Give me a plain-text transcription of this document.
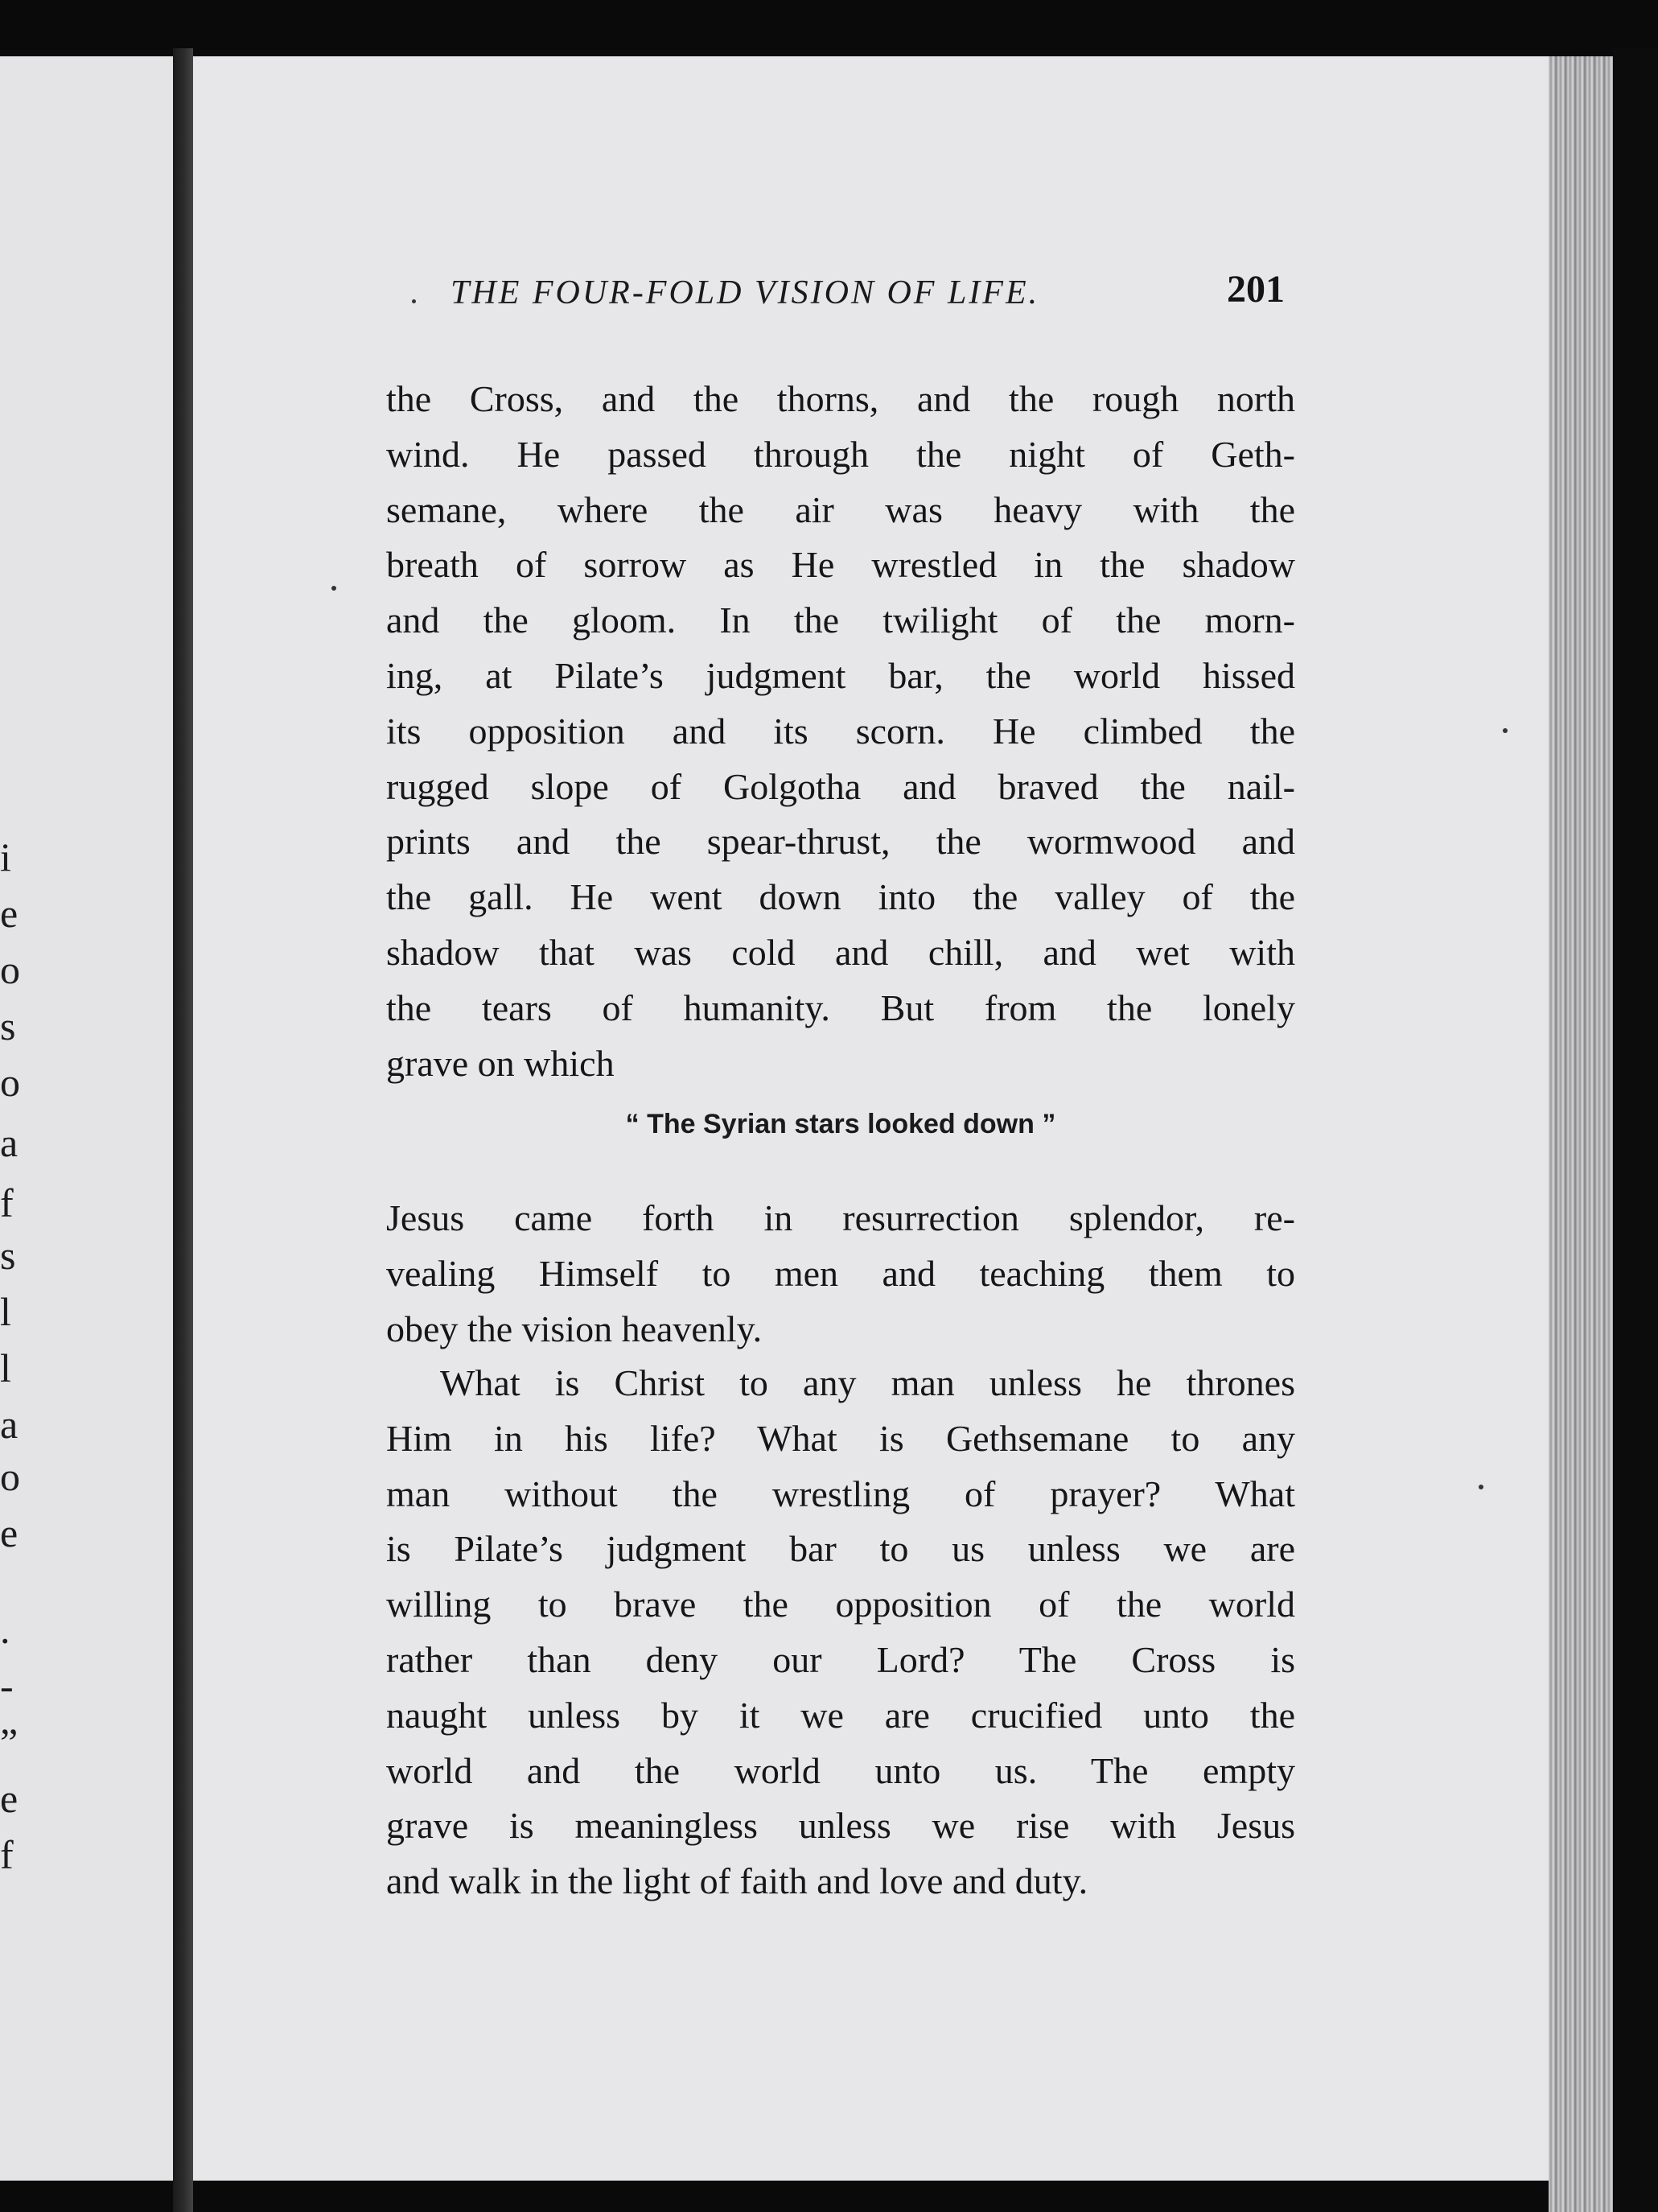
i
e
o
s
o
a
f
s
l
l
a
o
e
.
-
”
e
f
THE FOUR-FOLD VISION OF LIFE.	201
the Cross, and the thorns, and the rough north
wind. He passed through the night of Geth-
semane, where the air was heavy with the
breath of sorrow as He wrestled in the shadow
and the gloom. In the twilight of the morn-
ing, at Pilate’s judgment bar, the world hissed
its opposition and its scorn. He climbed the
rugged slope of Golgotha and braved the nail-
prints and the spear-thrust, the wormwood and
the gall. He went down into the valley of the
shadow that was cold and chill, and wet with
the tears of humanity. But from the lonely
grave on which
“ The Syrian stars looked down ”
Jesus came forth in resurrection splendor, re-
vealing Himself to men and teaching them to
obey the vision heavenly.
What is Christ to any man unless he thrones
Him in his life? What is Gethsemane to any
man without the wrestling of prayer? What
is Pilate’s judgment bar to us unless we are
willing to brave the opposition of the world
rather than deny our Lord? The Cross is
naught unless by it we are crucified unto the
world and the world unto us. The empty
grave is meaningless unless we rise with Jesus
and walk in the light of faith and love and duty.
